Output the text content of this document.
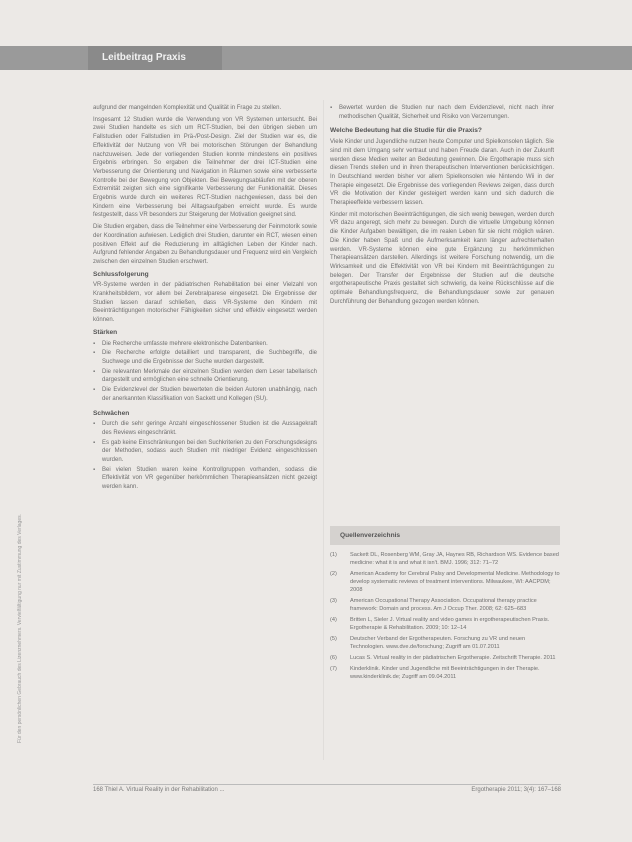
Leitbeitrag Praxis
Für den persönlichen Gebrauch des Lizenznehmers. Vervielfältigung nur mit Zustimmung des Verlages.

aufgrund der mangelnden Komplexität und Qualität in Frage zu stellen.

Insgesamt 12 Studien wurde die Verwendung von VR Systemen untersucht. Bei zwei Studien handelte es sich um RCT-Studien, bei den übrigen sieben um Fallstudien oder Fallstudien im Prä-/Post-Design. Ziel der Studien war es, die Effektivität der Nutzung von VR bei motorischen Störungen der Behandlung nachzuweisen. Jede der vorliegenden Studien konnte mindestens ein positives Ergebnis erbringen. So ergaben die Teilnehmer der drei ICT-Studien eine Verbesserung der Orientierung und Navigation in Räumen sowie eine verbesserte Kontrolle bei der Bewegung von Objekten. Bei Bewegungsabläufen mit der oberen Extremität zeigten sich eine signifikante Verbesserung der Funktionalität. Dieses Ergebnis wurde durch ein weiteres RCT-Studien nachgewiesen, dass bei den Kindern eine Verbesserung bei Alltagsaufgaben erreicht wurde. Es wurde festgestellt, dass VR besonders zur Steigerung der Motivation geeignet sind.

Die Studien ergaben, dass die Teilnehmer eine Verbesserung der Feinmotorik sowie der Koordination aufwiesen. Lediglich drei Studien, darunter ein RCT, wiesen einen positiven Effekt auf die Reduzierung im alltäglichen Leben der Kinder nach. Aufgrund fehlender Angaben zu Behandlungsdauer und Frequenz wird ein Vergleich zwischen den einzelnen Studien erschwert.

Schlussfolgerung

VR-Systeme werden in der pädiatrischen Rehabilitation bei einer Vielzahl von Krankheitsbildern, vor allem bei Zerebralparese eingesetzt. Die Ergebnisse der Studien lassen darauf schließen, dass VR-Systeme den Kindern mit Beeinträchtigungen motorischer Fähigkeiten sicher und effektiv eingesetzt werden können.

Stärken
▪ Die Recherche umfasste mehrere elektronische Datenbanken.
▪ Die Recherche erfolgte detailliert und transparent, die Suchbegriffe, die Suchwege und die Ergebnisse der Suche wurden dargestellt.
▪ Die relevanten Merkmale der einzelnen Studien werden dem Leser tabellarisch dargestellt und ermöglichen eine schnelle Orientierung.
▪ Die Evidenzlevel der Studien bewerteten die beiden Autoren unabhängig, nach der anerkannten Klassifikation von Sackett und Kollegen (SU).
Schwächen
▪ Durch die sehr geringe Anzahl eingeschlossener Studien ist die Aussagekraft des Reviews eingeschränkt.
▪ Es gab keine Einschränkungen bei den Suchkriterien zu den Forschungsdesigns der Methoden, sodass auch Studien mit niedriger Evidenz eingeschlossen wurden.
▪ Bei vielen Studien waren keine Kontrollgruppen vorhanden, sodass die Effektivität von VR gegenüber herkömmlichen Therapieansätzen nicht gezeigt werden kann.
▪ Bewertet wurden die Studien nur nach dem Evidenzlevel, nicht nach ihrer methodischen Qualität, Sicherheit und Risiko von Verzerrungen.
Welche Bedeutung hat die Studie für die Praxis?

Viele Kinder und Jugendliche nutzen heute Computer und Spielkonsolen täglich. Sie sind mit dem Umgang sehr vertraut und haben Freude daran. Auch in der Zukunft werden diese Medien weiter an Bedeutung gewinnen. Die Ergotherapie muss sich diesen Trends stellen und in ihren therapeutischen Interventionen berücksichtigen. In Deutschland werden bisher vor allem Spielkonsolen wie Nintendo Wii in der Therapie eingesetzt. Die Ergebnisse des vorliegenden Reviews zeigen, dass durch VR die Motivation der Kinder gesteigert werden kann und sich dadurch die Therapieeffekte verbessern lassen.

Kinder mit motorischen Beeinträchtigungen, die sich wenig bewegen, werden durch VR dazu angeregt, sich mehr zu bewegen. Durch die virtuelle Umgebung können die Kinder Aufgaben bewältigen, die im realen Leben für sie nicht möglich wären. Die Kinder haben Spaß und die Aufmerksamkeit kann länger aufrechterhalten werden. VR-Systeme können eine gute Ergänzung zu herkömmlichen Therapieansätzen darstellen. Allerdings ist weitere Forschung notwendig, um die Wirksamkeit und die Effektivität von VR bei Kindern mit Beeinträchtigungen zu belegen. Der Transfer der Ergebnisse der Studien auf die deutsche ergotherapeutische Praxis gestaltet sich schwierig, da keine Rückschlüsse auf die optimale Behandlungsfrequenz, die Behandlungsdauer sowie zur genauen Durchführung der Behandlung gezogen werden können.

Quellenverzeichnis
(1)	Sackett DL, Rosenberg WM, Gray JA, Haynes RB, Richardson WS. Evidence based medicine: what it is and what it isn't. BMJ. 1996; 312: 71–72
(2)	American Academy for Cerebral Palsy and Developmental Medicine. Methodology to develop systematic reviews of treatment interventions. Milwaukee, WI: AACPDM; 2008
(3)	American Occupational Therapy Association. Occupational therapy practice framework: Domain and process. Am J Occup Ther. 2008; 62: 625–683
(4)	Britten L, Sieler J. Virtual reality and video games in ergotherapeutischen Praxis. Ergotherapie & Rehabilitation. 2009; 10: 12–14
(5)	Deutscher Verband der Ergotherapeuten. Forschung zu VR und neuen Technologien. www.dve.de/forschung; Zugriff am 01.07.2011
(6)	Lucas S. Virtual reality in der pädiatrischen Ergotherapie. Zeitschrift Therapie. 2011
(7)	Kinderklinik. Kinder und Jugendliche mit Beeinträchtigungen in der Therapie. www.kinderklinik.de; Zugriff am 09.04.2011
168 Thiel A. Virtual Reality in der Rehabilitation ...	Ergotherapie 2011; 3(4): 167–168
